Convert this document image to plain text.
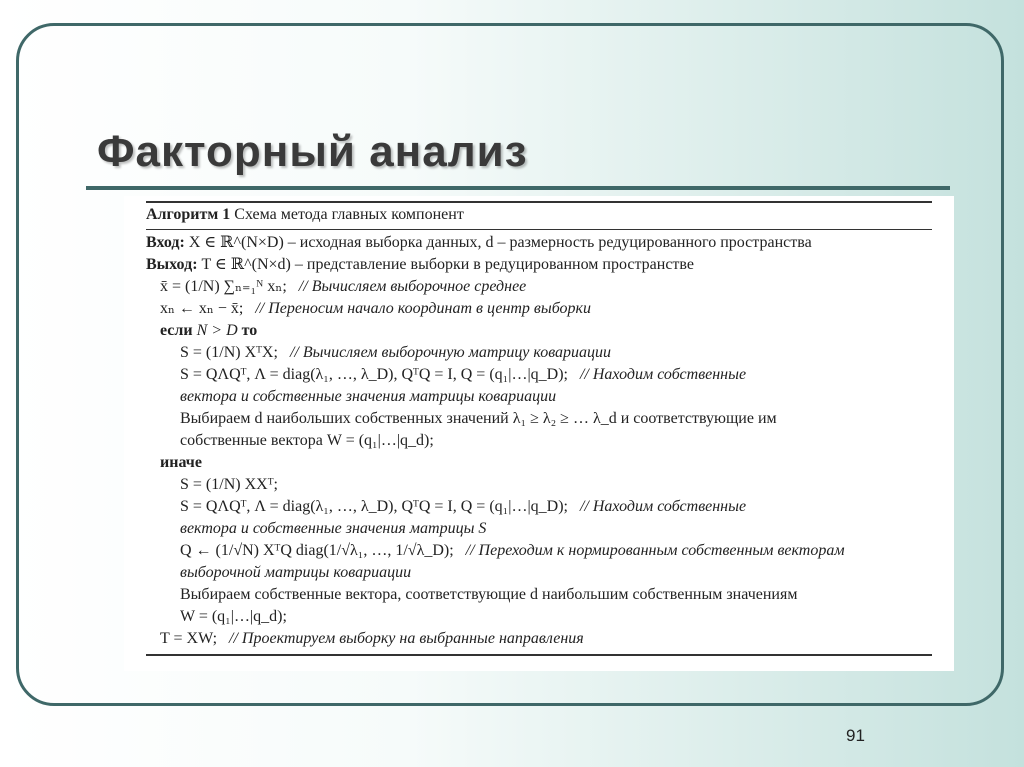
Факторный анализ
Алгоритм 1 Схема метода главных компонент
Вход: X ∈ ℝ^(N×D) – исходная выборка данных, d – размерность редуцированного пространства
Выход: T ∈ ℝ^(N×d) – представление выборки в редуцированном пространстве
x̄ = (1/N) ∑ₙ₌₁ᴺ xₙ; // Вычисляем выборочное среднее
xₙ ← xₙ − x̄; // Переносим начало координат в центр выборки
если N > D то
S = (1/N) XᵀX; // Вычисляем выборочную матрицу ковариации
S = QΛQᵀ, Λ = diag(λ₁, …, λ_D), QᵀQ = I, Q = (q₁|…|q_D); // Находим собственные
вектора и собственные значения матрицы ковариации
Выбираем d наибольших собственных значений λ₁ ≥ λ₂ ≥ … λ_d и соответствующие им
собственные вектора W = (q₁|…|q_d);
иначе
S = (1/N) XXᵀ;
S = QΛQᵀ, Λ = diag(λ₁, …, λ_D), QᵀQ = I, Q = (q₁|…|q_D); // Находим собственные
вектора и собственные значения матрицы S
Q ← (1/√N) XᵀQ diag(1/√λ₁, …, 1/√λ_D); // Переходим к нормированным собственным векторам
выборочной матрицы ковариации
Выбираем собственные вектора, соответствующие d наибольшим собственным значениям
W = (q₁|…|q_d);
T = XW; // Проектируем выборку на выбранные направления
91
